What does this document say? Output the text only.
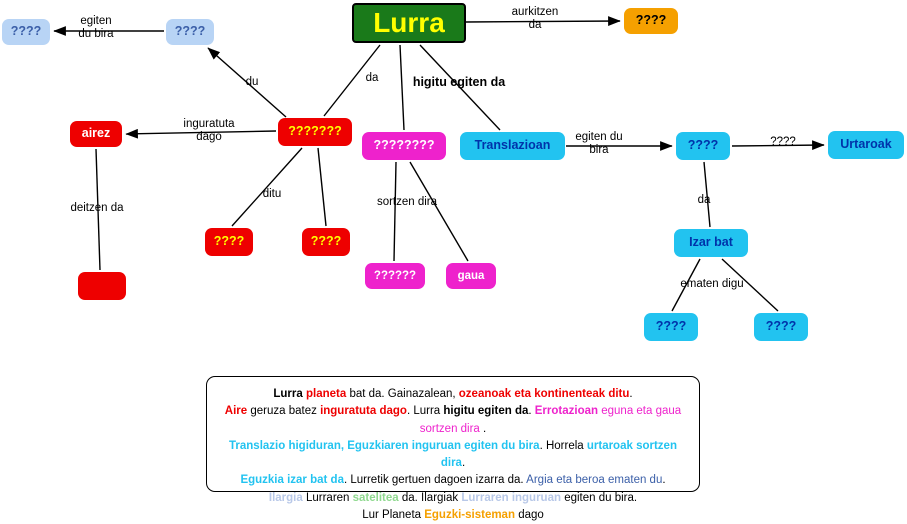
Lurra	????
????
????
airez	???????
????????	Translazioan	????	Urtaroak
????	????
??????	gaua
Izar bat
????	????
aurkitzen
da
egiten
du bira
du	da	higitu egiten da
inguratuta
dago	egiten du
bira
????
ditu
sortzen dira
deitzen da
da
ematen digu
Lurra planeta bat da. Gainazalean, ozeanoak eta kontinenteak ditu.
Aire geruza batez inguratuta dago. Lurra higitu egiten da. Errotazioan eguna eta gaua sortzen dira .
Translazio higiduran, Eguzkiaren inguruan egiten du bira. Horrela urtaroak sortzen dira.
Eguzkia izar bat da. Lurretik gertuen dagoen izarra da. Argia eta beroa ematen du.
Ilargia Lurraren satelitea da. Ilargiak Lurraren inguruan egiten du bira.
Lur Planeta Eguzki-sisteman dago
